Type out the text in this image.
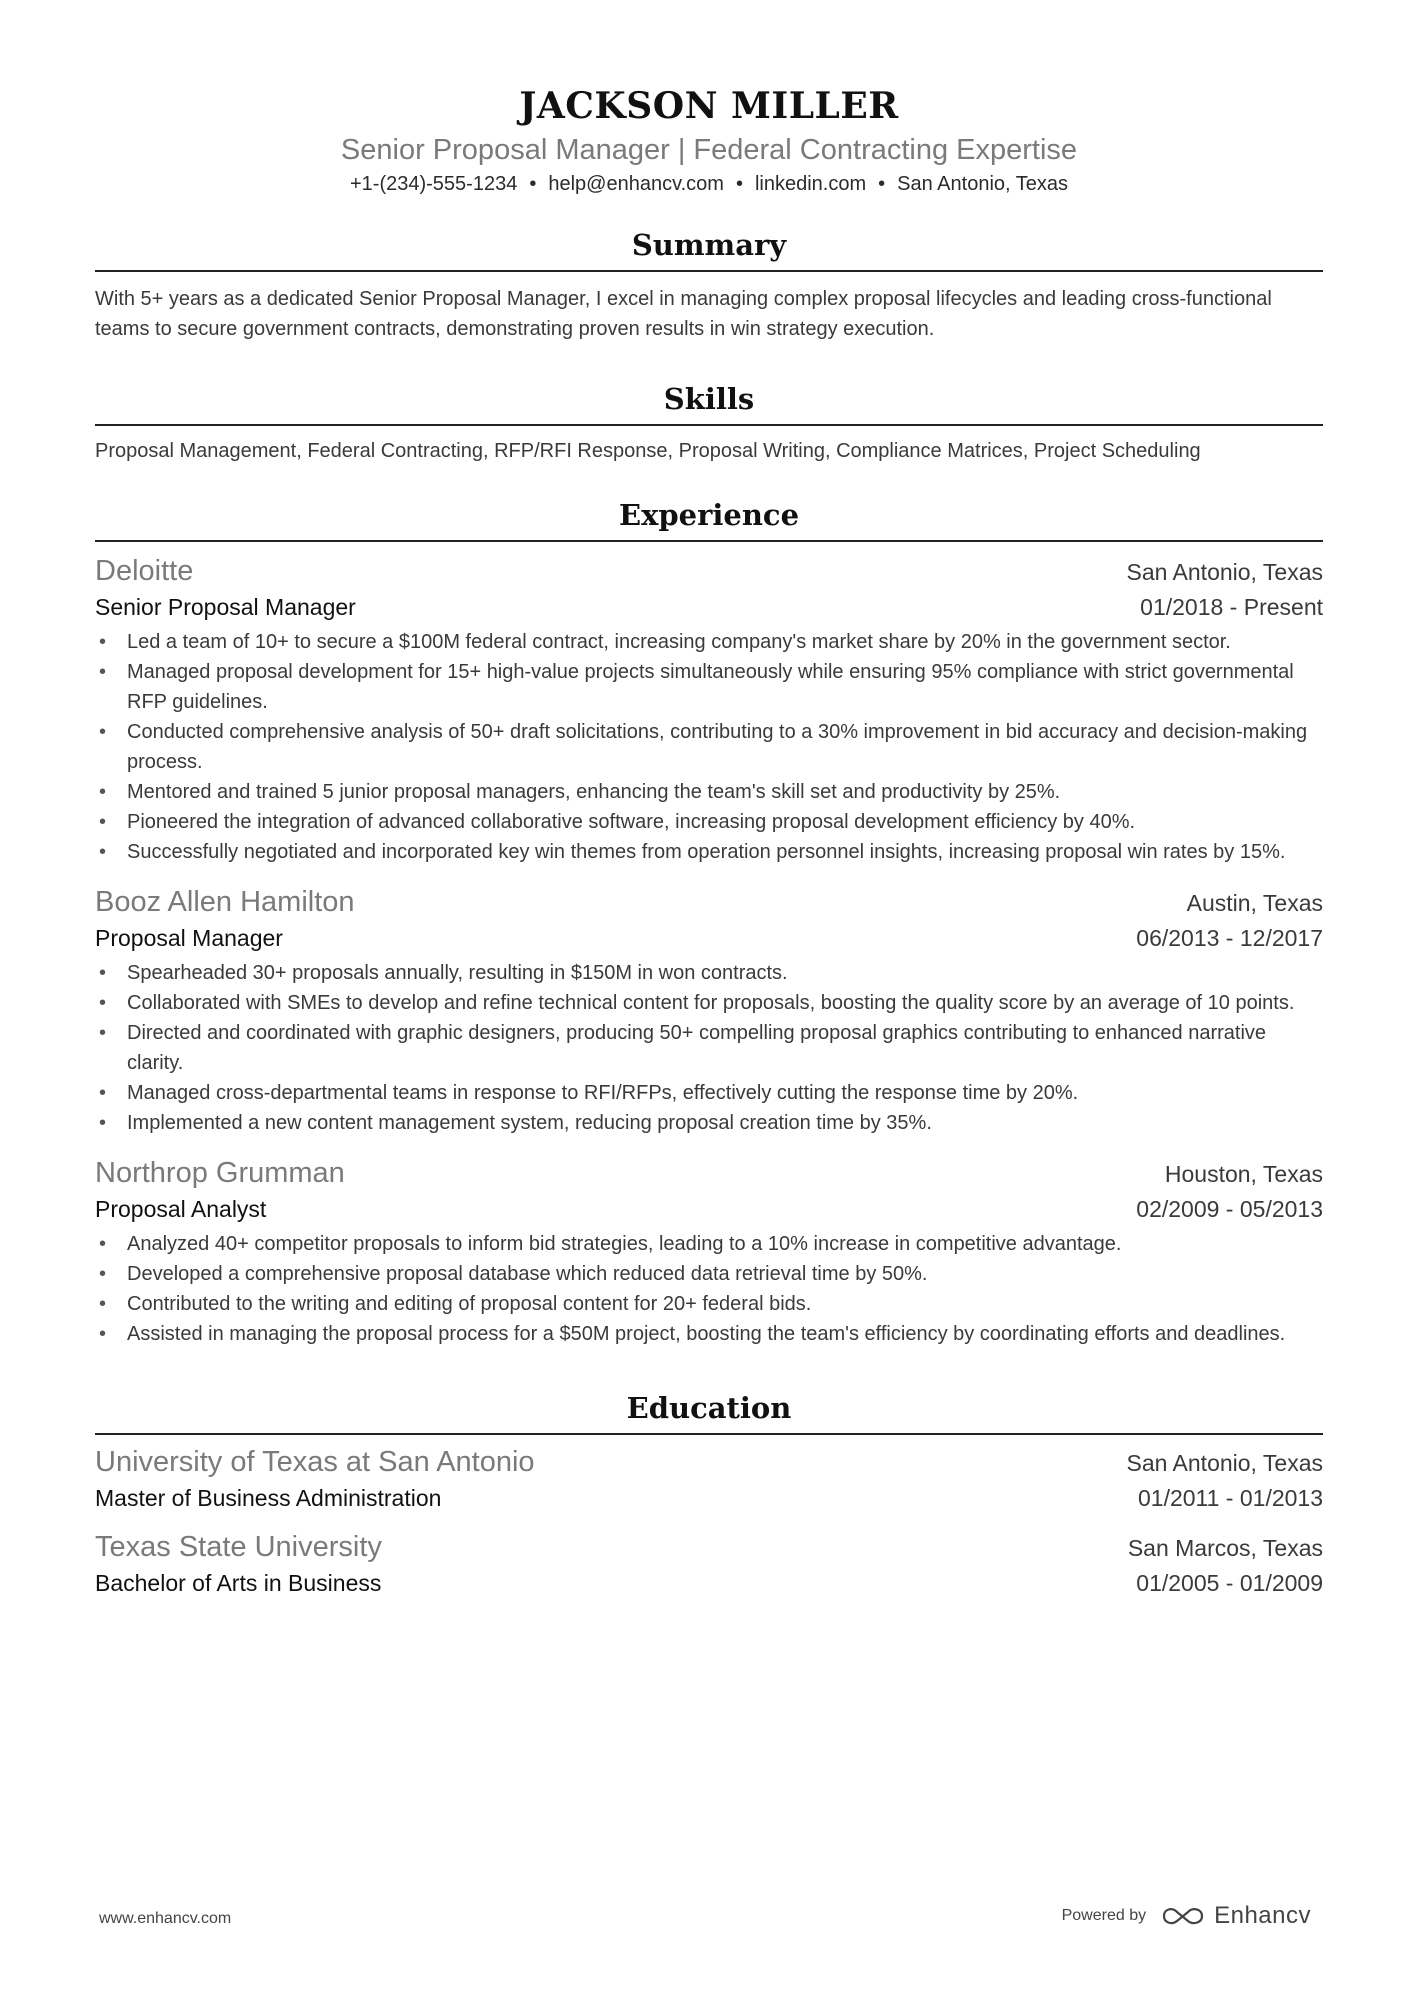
JACKSON MILLER
Senior Proposal Manager | Federal Contracting Expertise
+1-(234)-555-1234 • help@enhancv.com • linkedin.com • San Antonio, Texas
Summary
With 5+ years as a dedicated Senior Proposal Manager, I excel in managing complex proposal lifecycles and leading cross-functional teams to secure government contracts, demonstrating proven results in win strategy execution.
Skills
Proposal Management, Federal Contracting, RFP/RFI Response, Proposal Writing, Compliance Matrices, Project Scheduling
Experience
Deloitte	San Antonio, Texas
Senior Proposal Manager	01/2018 - Present
• Led a team of 10+ to secure a $100M federal contract, increasing company's market share by 20% in the government sector.
• Managed proposal development for 15+ high-value projects simultaneously while ensuring 95% compliance with strict governmental RFP guidelines.
• Conducted comprehensive analysis of 50+ draft solicitations, contributing to a 30% improvement in bid accuracy and decision-making process.
• Mentored and trained 5 junior proposal managers, enhancing the team's skill set and productivity by 25%.
• Pioneered the integration of advanced collaborative software, increasing proposal development efficiency by 40%.
• Successfully negotiated and incorporated key win themes from operation personnel insights, increasing proposal win rates by 15%.
Booz Allen Hamilton	Austin, Texas
Proposal Manager	06/2013 - 12/2017
• Spearheaded 30+ proposals annually, resulting in $150M in won contracts.
• Collaborated with SMEs to develop and refine technical content for proposals, boosting the quality score by an average of 10 points.
• Directed and coordinated with graphic designers, producing 50+ compelling proposal graphics contributing to enhanced narrative clarity.
• Managed cross-departmental teams in response to RFI/RFPs, effectively cutting the response time by 20%.
• Implemented a new content management system, reducing proposal creation time by 35%.
Northrop Grumman	Houston, Texas
Proposal Analyst	02/2009 - 05/2013
• Analyzed 40+ competitor proposals to inform bid strategies, leading to a 10% increase in competitive advantage.
• Developed a comprehensive proposal database which reduced data retrieval time by 50%.
• Contributed to the writing and editing of proposal content for 20+ federal bids.
• Assisted in managing the proposal process for a $50M project, boosting the team's efficiency by coordinating efforts and deadlines.
Education
University of Texas at San Antonio	San Antonio, Texas
Master of Business Administration	01/2011 - 01/2013
Texas State University	San Marcos, Texas
Bachelor of Arts in Business	01/2005 - 01/2009
www.enhancv.com	Powered by	Enhancv
